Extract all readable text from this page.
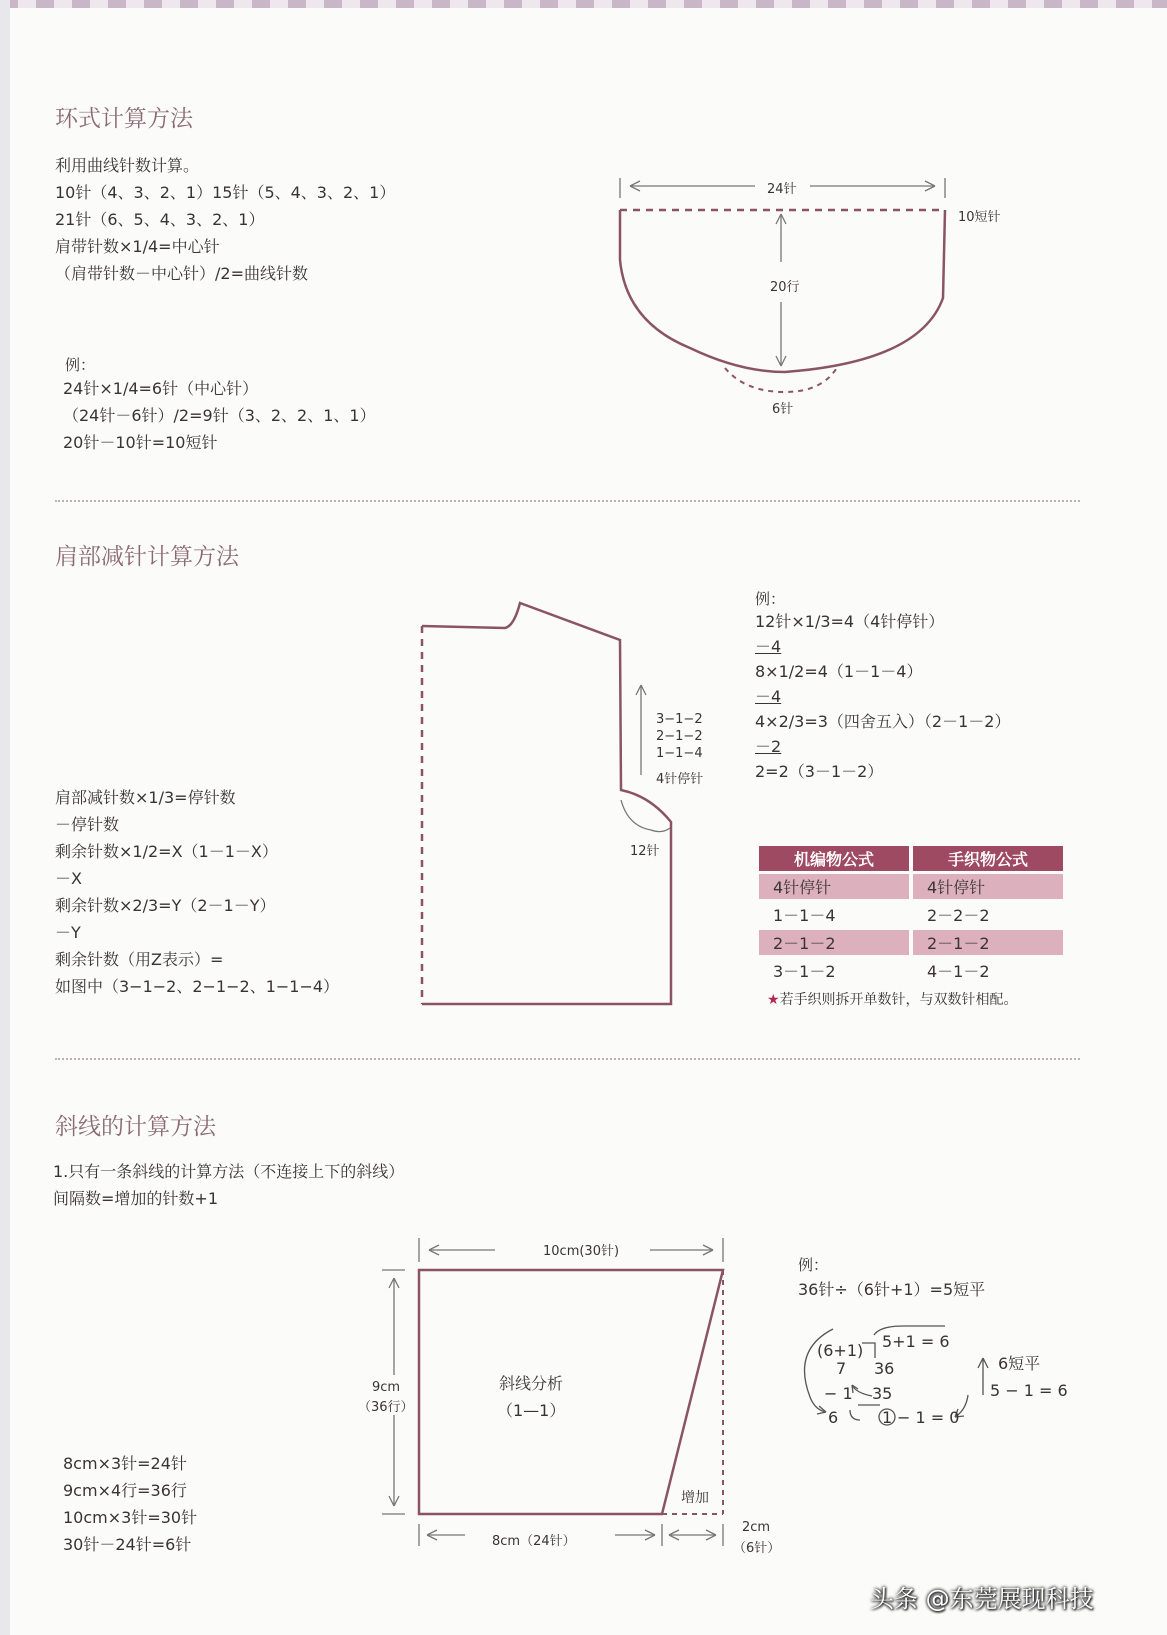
环式计算方法
利用曲线针数计算。
10针（4、3、2、1）15针（5、4、3、2、1）
21针（6、5、4、3、2、1）
肩带针数×1/4=中心针
（肩带针数－中心针）/2=曲线针数
例：
24针×1/4=6针（中心针）
（24针－6针）/2=9针（3、2、2、1、1）
20针－10针=10短针
24针
10短针
20行
6针
肩部减针计算方法
肩部减针数×1/3=停针数
－停针数
剩余针数×1/2=X（1－1－X）
－X
剩余针数×2/3=Y（2－1－Y）
－Y
剩余针数（用Z表示）=
如图中（3−1−2、2−1−2、1−1−4）
3−1−2
2−1−2
1−1−4
4针停针
12针
例：
12针×1/3=4（4针停针）
－4
8×1/2=4（1－1－4）
－4
4×2/3=3（四舍五入）（2－1－2）
－2
2=2（3－1－2）
机编物公式	手织物公式
4针停针	4针停针
1－1－4	2－2－2
2－1－2	2－1－2
3－1－2	4－1－2
★若手织则拆开单数针，与双数针相配。
斜线的计算方法
1.只有一条斜线的计算方法（不连接上下的斜线）
间隔数=增加的针数+1
10cm(30针)
9cm
（36行）
斜线分析
（1—1）
增加
8cm（24针）
2cm
（6针）
8cm×3针=24针
9cm×4行=36行
10cm×3针=30针
30针－24针=6针
例：
36针÷（6针+1）=5短平
(6+1) 5+1 = 6
7 36
− 1 35
6	1 − 1 = 0
6短平
5 − 1 = 6
头条 @东莞展现科技
